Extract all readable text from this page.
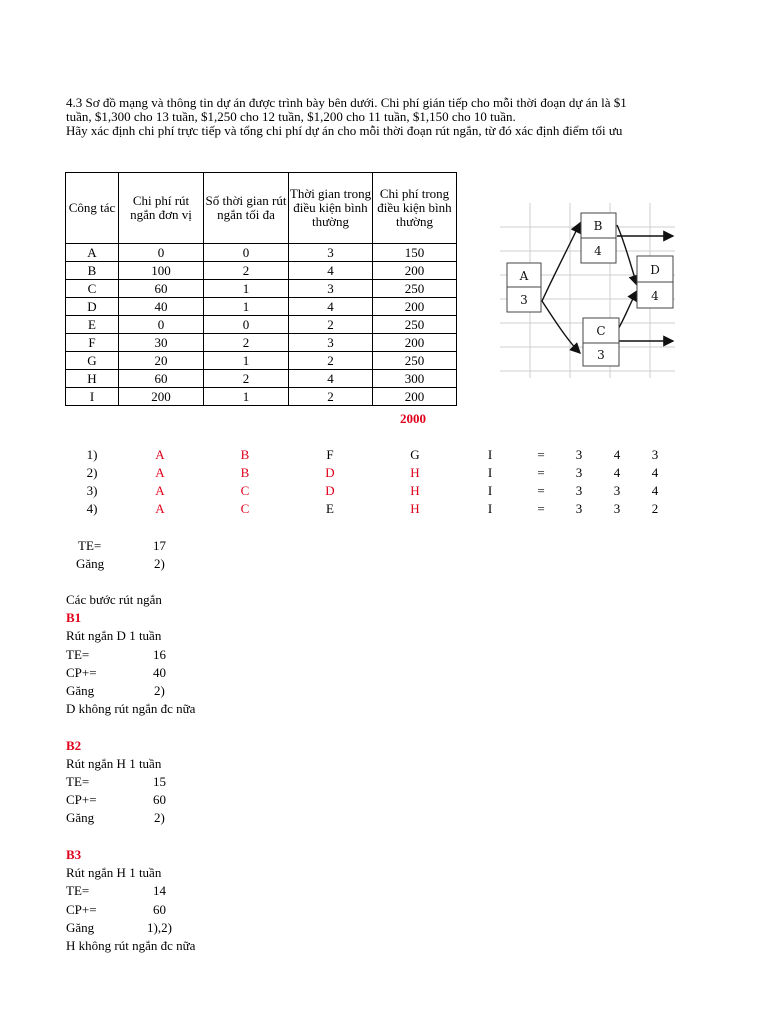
4.3 Sơ đồ mạng và thông tin dự án được trình bày bên dưới. Chi phí gián tiếp cho mỗi thời đoạn dự án là $1
tuần, $1,300 cho 13 tuần, $1,250 cho 12 tuần, $1,200 cho 11 tuần, $1,150 cho 10 tuần.
Hãy xác định chi phí trực tiếp và tổng chi phí dự án cho mỗi thời đoạn rút ngắn, từ đó xác định điểm tối ưu
Công tác	Chi phí rút ngắn đơn vị	Số thời gian rút ngắn tối đa	Thời gian trong điều kiện bình thường	Chi phí trong điều kiện bình thường
A	0	0	3	150
B	100	2	4	200
C	60	1	3	250
D	40	1	4	200
E	0	0	2	250
F	30	2	3	200
G	20	1	2	250
H	60	2	4	300
I	200	1	2	200
2000
A
3
B
4
C
3
D
4
1)	A	B	F	G	I	= 3 4 3
2)	A	B	D	H	I	= 3 4 4
3)	A	C	D	H	I	= 3 3 4
4)	A	C	E	H	I	= 3 3 2
TE=	17
Găng	2)
Các bước rút ngắn
B1
Rút ngắn D 1 tuần
TE=	16
CP+=	40
Găng	2)
D không rút ngắn đc nữa
B2
Rút ngắn H 1 tuần
TE=	15
CP+=	60
Găng	2)
B3
Rút ngắn H 1 tuần
TE=	14
CP+=	60
Găng	1),2)
H không rút ngắn đc nữa
